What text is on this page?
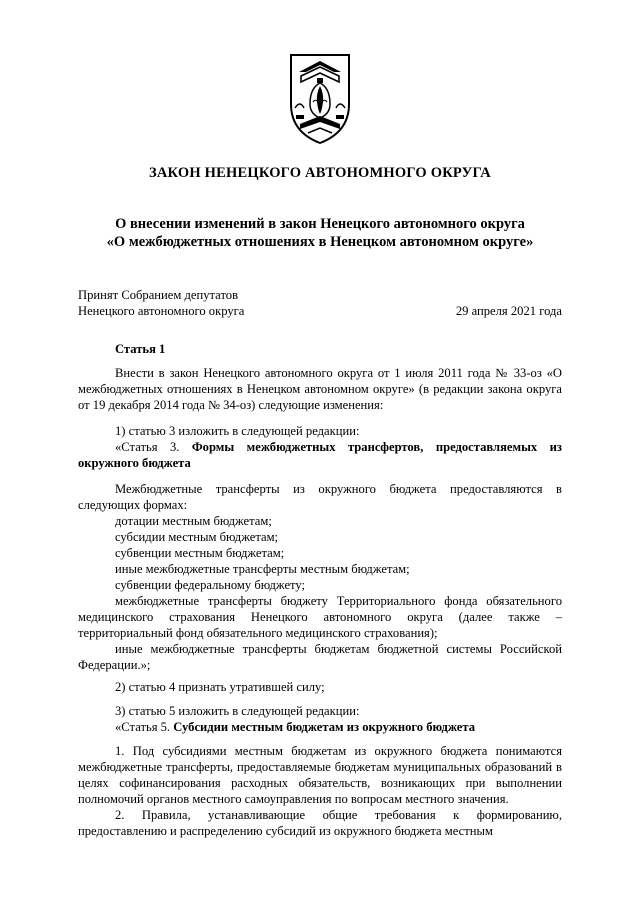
ЗАКОН НЕНЕЦКОГО АВТОНОМНОГО ОКРУГА

О внесении изменений в закон Ненецкого автономного округа
«О межбюджетных отношениях в Ненецком автономном округе»
Принят Собранием депутатов
Ненецкого автономного округа	29 апреля 2021 года

Статья 1

Внести в закон Ненецкого автономного округа от 1 июля 2011 года № 33-оз «О межбюджетных отношениях в Ненецком автономном округе» (в редакции закона округа от 19 декабря 2014 года № 34-оз) следующие изменения:

1) статью 3 изложить в следующей редакции:

«Статья 3. Формы межбюджетных трансфертов, предоставляемых из окружного бюджета

Межбюджетные трансферты из окружного бюджета предоставляются в следующих формах:

дотации местным бюджетам;
субсидии местным бюджетам;
субвенции местным бюджетам;
иные межбюджетные трансферты местным бюджетам;
субвенции федеральному бюджету;

межбюджетные трансферты бюджету Территориального фонда обязательного медицинского страхования Ненецкого автономного округа (далее также – территориальный фонд обязательного медицинского страхования);

иные межбюджетные трансферты бюджетам бюджетной системы Российской Федерации.»;

2) статью 4 признать утратившей силу;

3) статью 5 изложить в следующей редакции:

«Статья 5. Субсидии местным бюджетам из окружного бюджета

1. Под субсидиями местным бюджетам из окружного бюджета понимаются межбюджетные трансферты, предоставляемые бюджетам муниципальных образований в целях софинансирования расходных обязательств, возникающих при выполнении полномочий органов местного самоуправления по вопросам местного значения.

2. Правила, устанавливающие общие требования к формированию, предоставлению и распределению субсидий из окружного бюджета местным
